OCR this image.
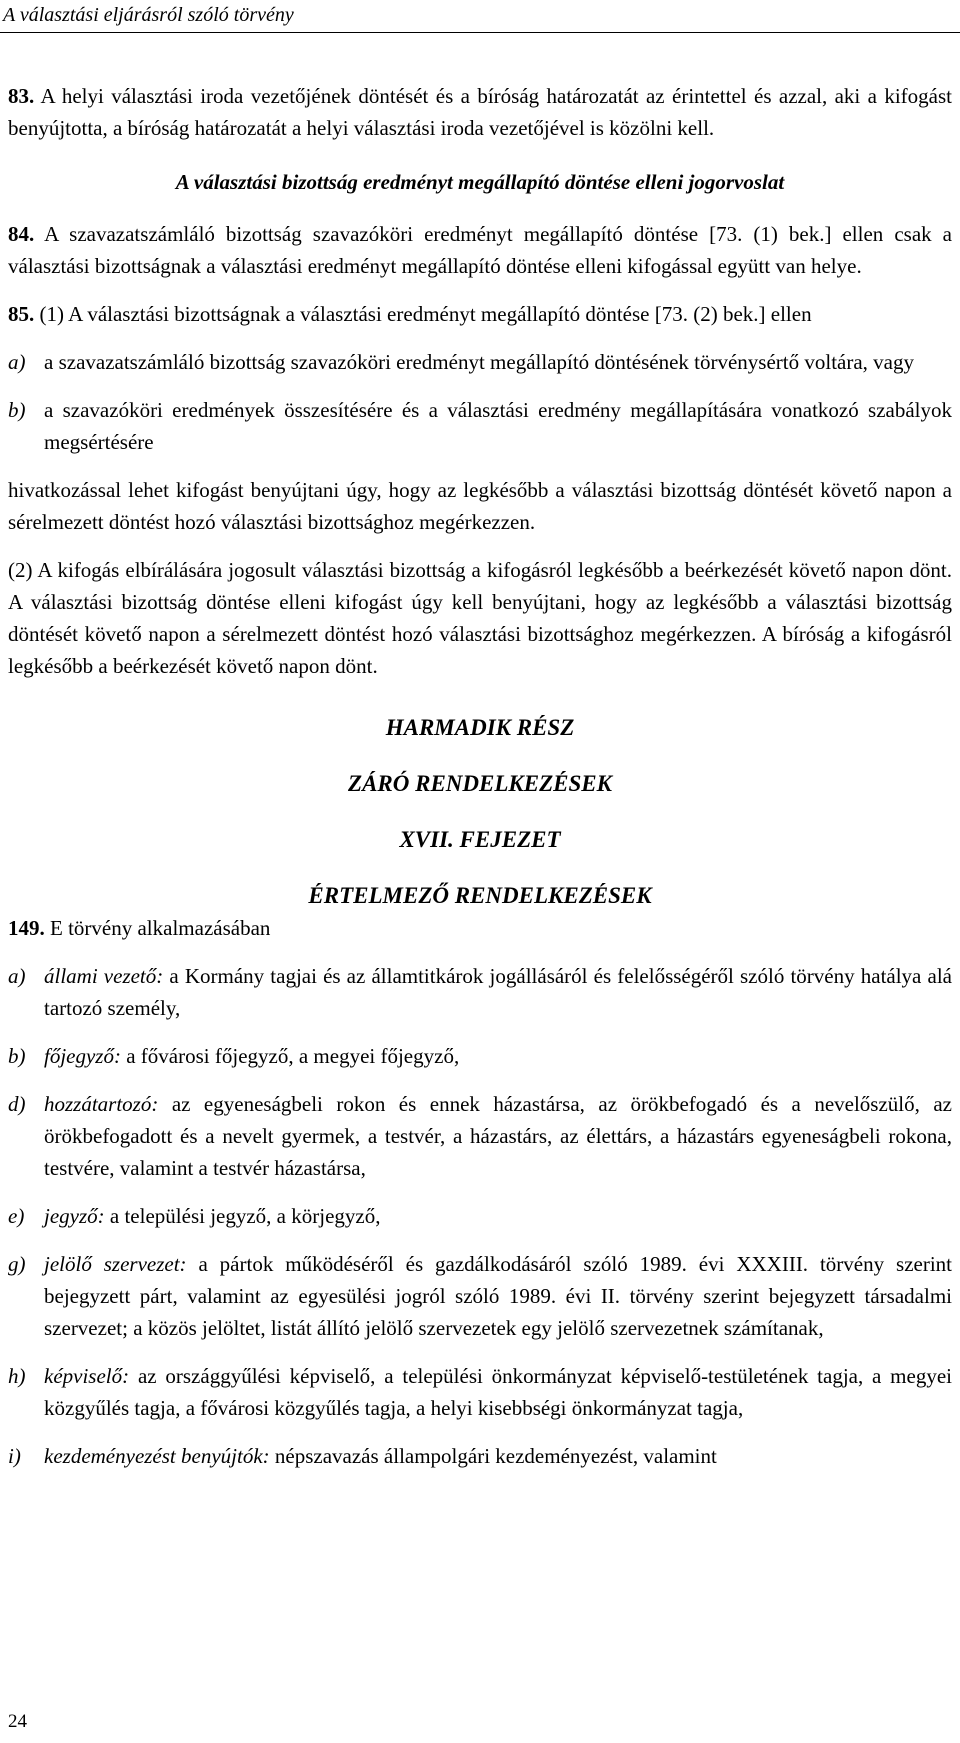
A választási eljárásról szóló törvény

83. A helyi választási iroda vezetőjének döntését és a bíróság határozatát az érintettel és azzal, aki a kifogást benyújtotta, a bíróság határozatát a helyi választási iroda vezetőjével is közölni kell.

A választási bizottság eredményt megállapító döntése elleni jogorvoslat

84. A szavazatszámláló bizottság szavazóköri eredményt megállapító döntése [73. (1) bek.] ellen csak a választási bizottságnak a választási eredményt megállapító döntése elleni kifogással együtt van helye.

85. (1) A választási bizottságnak a választási eredményt megállapító döntése [73. (2) bek.] ellen

a) a szavazatszámláló bizottság szavazóköri eredményt megállapító döntésének törvénysértő voltára, vagy
b) a szavazóköri eredmények összesítésére és a választási eredmény megállapítására vonatkozó szabályok megsértésére

hivatkozással lehet kifogást benyújtani úgy, hogy az legkésőbb a választási bizottság döntését követő napon a sérelmezett döntést hozó választási bizottsághoz megérkezzen.

(2) A kifogás elbírálására jogosult választási bizottság a kifogásról legkésőbb a beérkezését követő napon dönt. A választási bizottság döntése elleni kifogást úgy kell benyújtani, hogy az legkésőbb a választási bizottság döntését követő napon a sérelmezett döntést hozó választási bizottsághoz megérkezzen. A bíróság a kifogásról legkésőbb a beérkezését követő napon dönt.

HARMADIK RÉSZ
ZÁRÓ RENDELKEZÉSEK
XVII. FEJEZET
ÉRTELMEZŐ RENDELKEZÉSEK

149. E törvény alkalmazásában

a) állami vezető: a Kormány tagjai és az államtitkárok jogállásáról és felelősségéről szóló törvény hatálya alá tartozó személy,
b) főjegyző: a fővárosi főjegyző, a megyei főjegyző,
d) hozzátartozó: az egyeneságbeli rokon és ennek házastársa, az örökbefogadó és a nevelőszülő, az örökbefogadott és a nevelt gyermek, a testvér, a házastárs, az élettárs, a házastárs egyeneságbeli rokona, testvére, valamint a testvér házastársa,
e) jegyző: a települési jegyző, a körjegyző,
g) jelölő szervezet: a pártok működéséről és gazdálkodásáról szóló 1989. évi XXXIII. törvény szerint bejegyzett párt, valamint az egyesülési jogról szóló 1989. évi II. törvény szerint bejegyzett társadalmi szervezet; a közös jelöltet, listát állító jelölő szervezetek egy jelölő szervezetnek számítanak,
h) képviselő: az országgyűlési képviselő, a települési önkormányzat képviselő-testületének tagja, a megyei közgyűlés tagja, a fővárosi közgyűlés tagja, a helyi kisebbségi önkormányzat tagja,
i)	kezdeményezést benyújtók: népszavazás állampolgári kezdeményezést, valamint
24
